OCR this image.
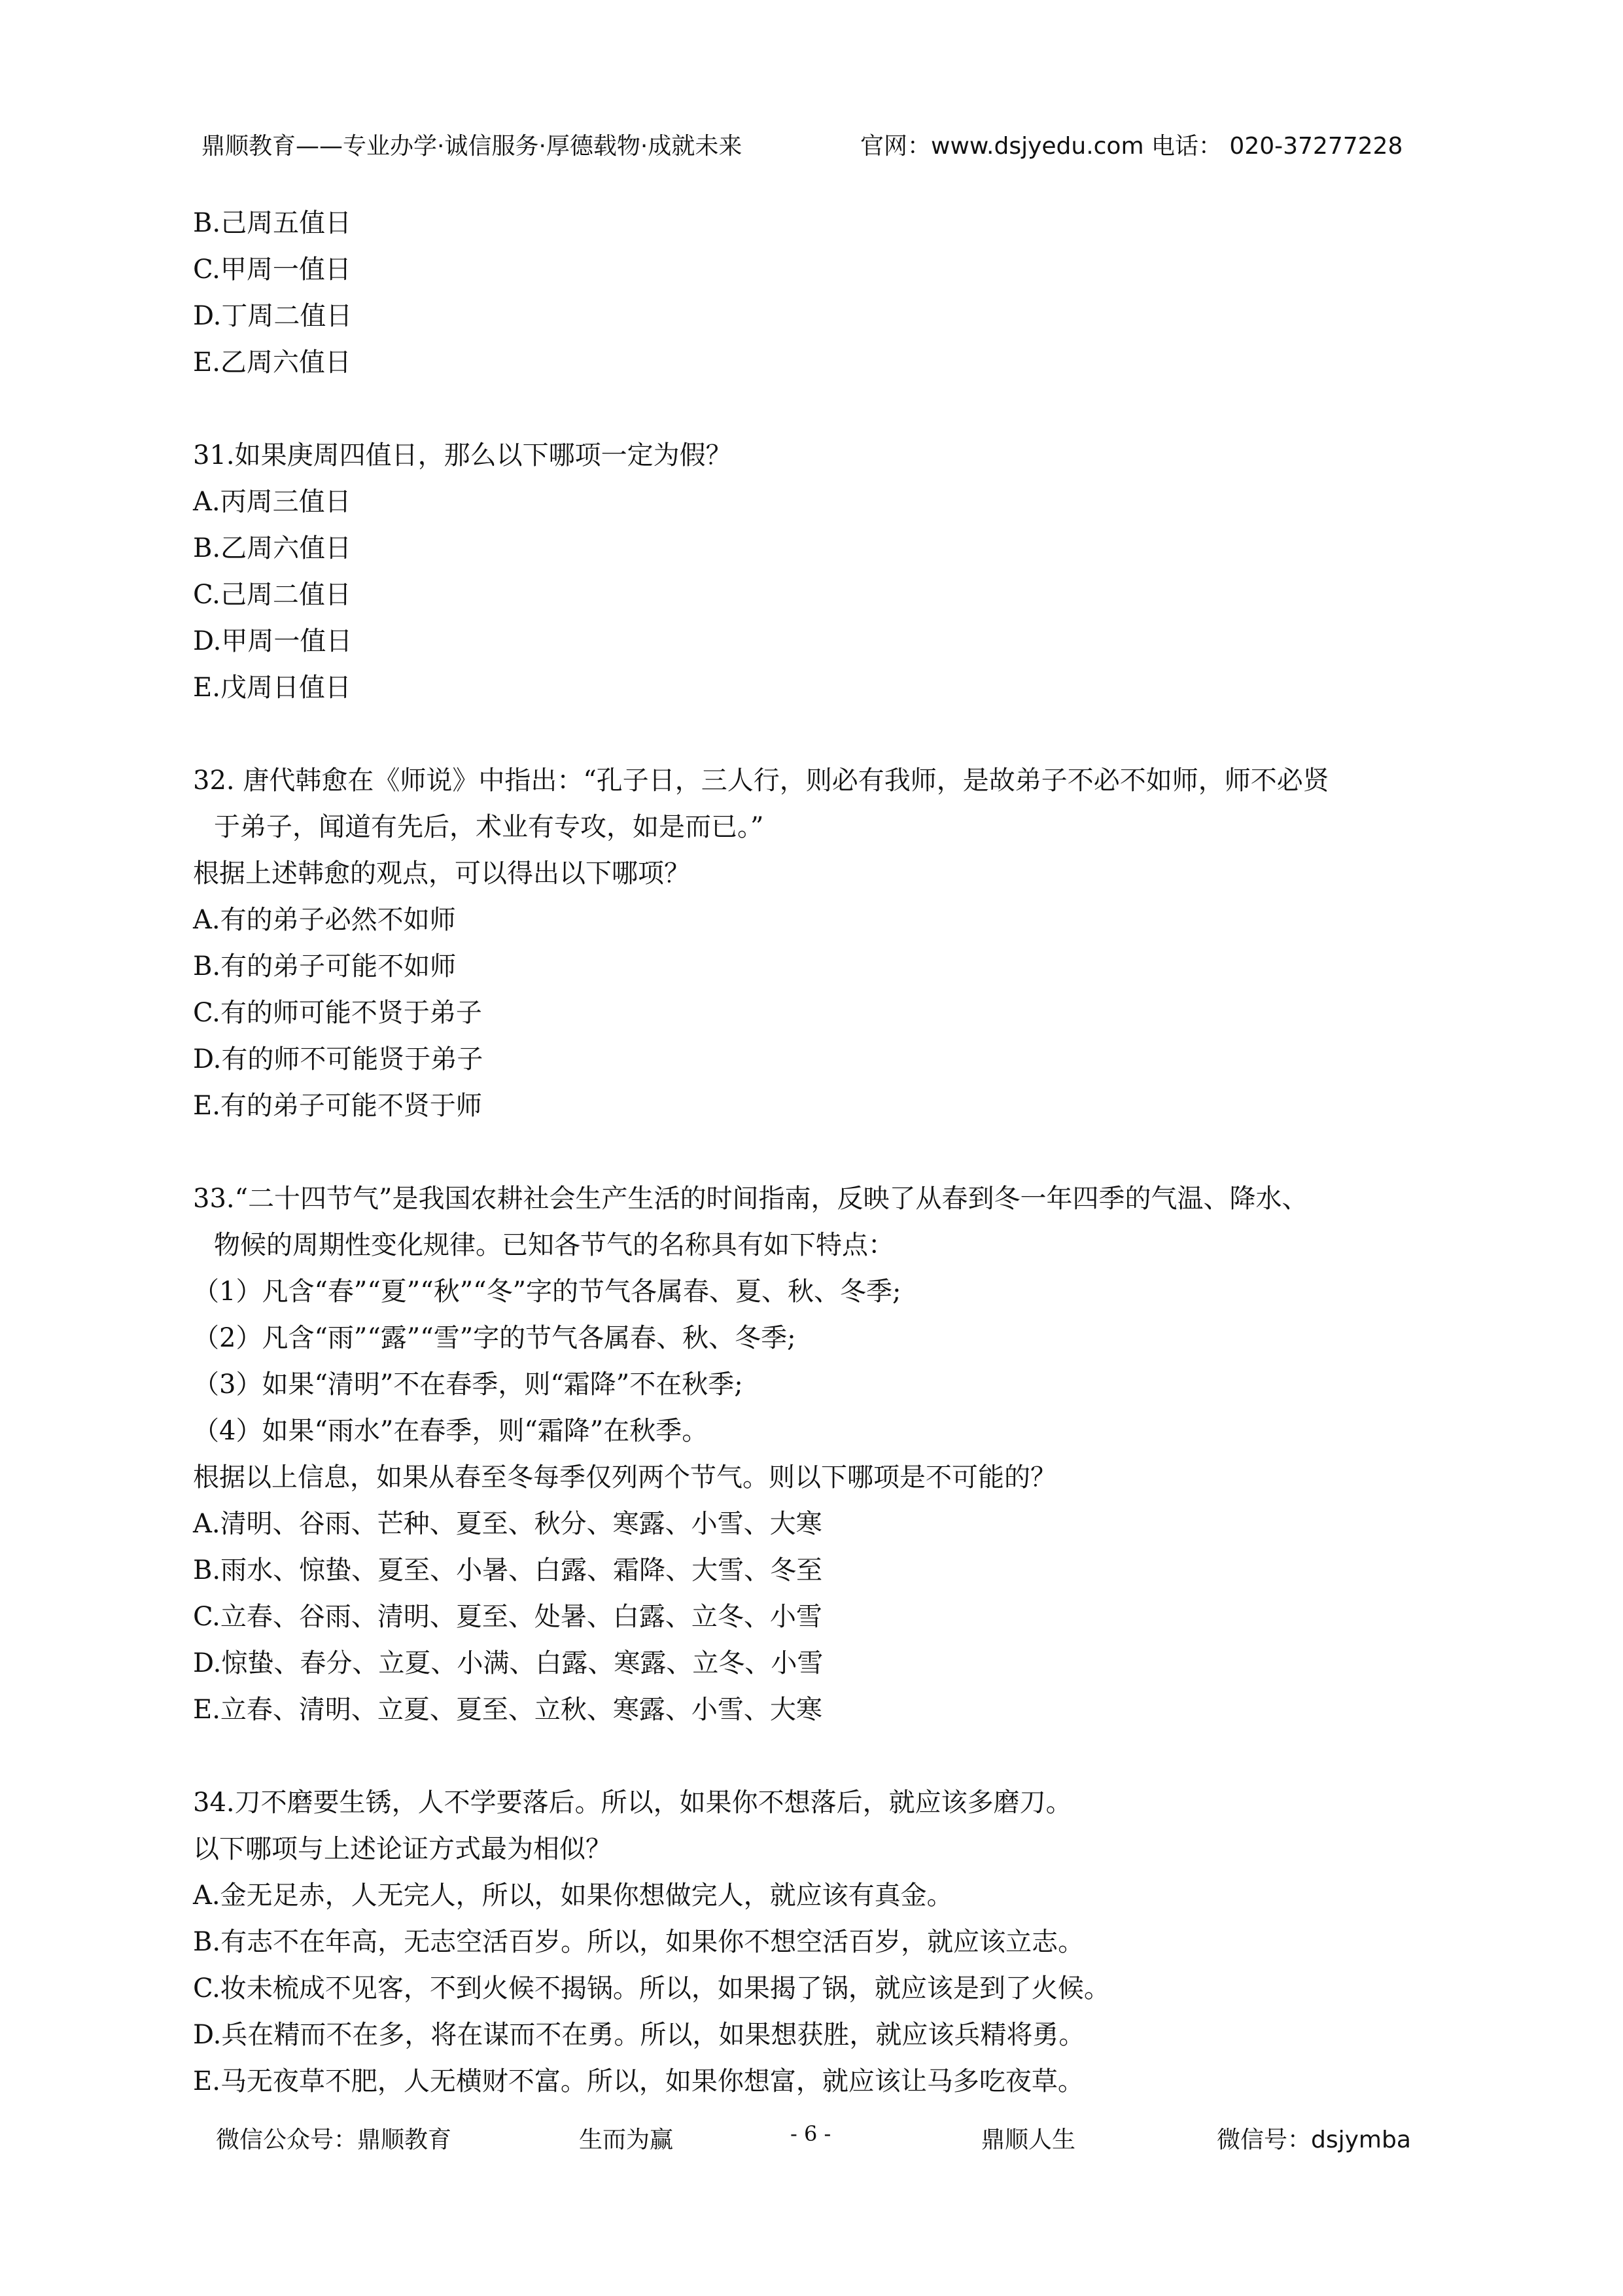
鼎顺教育——专业办学·诚信服务·厚德载物·成就未来	官网：www.dsjyedu.com 电话： 020-37277228
B.己周五值日
C.甲周一值日
D.丁周二值日
E.乙周六值日
31.如果庚周四值日，那么以下哪项一定为假？
A.丙周三值日
B.乙周六值日
C.己周二值日
D.甲周一值日
E.戊周日值日
32. 唐代韩愈在《师说》中指出：“孔子日，三人行，则必有我师，是故弟子不必不如师，师不必贤
于弟子，闻道有先后，术业有专攻，如是而已。”
根据上述韩愈的观点，可以得出以下哪项？
A.有的弟子必然不如师
B.有的弟子可能不如师
C.有的师可能不贤于弟子
D.有的师不可能贤于弟子
E.有的弟子可能不贤于师
33.“二十四节气”是我国农耕社会生产生活的时间指南，反映了从春到冬一年四季的气温、降水、
物候的周期性变化规律。已知各节气的名称具有如下特点：
（1）凡含“春”“夏”“秋”“冬”字的节气各属春、夏、秋、冬季;
（2）凡含“雨”“露”“雪”字的节气各属春、秋、冬季;
（3）如果“清明”不在春季，则“霜降”不在秋季;
（4）如果“雨水”在春季，则“霜降”在秋季。
根据以上信息，如果从春至冬每季仅列两个节气。则以下哪项是不可能的？
A.清明、谷雨、芒种、夏至、秋分、寒露、小雪、大寒
B.雨水、惊蛰、夏至、小暑、白露、霜降、大雪、冬至
C.立春、谷雨、清明、夏至、处暑、白露、立冬、小雪
D.惊蛰、春分、立夏、小满、白露、寒露、立冬、小雪
E.立春、清明、立夏、夏至、立秋、寒露、小雪、大寒
34.刀不磨要生锈，人不学要落后。所以，如果你不想落后，就应该多磨刀。
以下哪项与上述论证方式最为相似？
A.金无足赤，人无完人，所以，如果你想做完人，就应该有真金。
B.有志不在年高，无志空活百岁。所以，如果你不想空活百岁，就应该立志。
C.妆未梳成不见客，不到火候不揭锅。所以，如果揭了锅，就应该是到了火候。
D.兵在精而不在多，将在谋而不在勇。所以，如果想获胜，就应该兵精将勇。
E.马无夜草不肥，人无横财不富。所以，如果你想富，就应该让马多吃夜草。
微信公众号：鼎顺教育	生而为赢	- 6 -	鼎顺人生	微信号：dsjymba
